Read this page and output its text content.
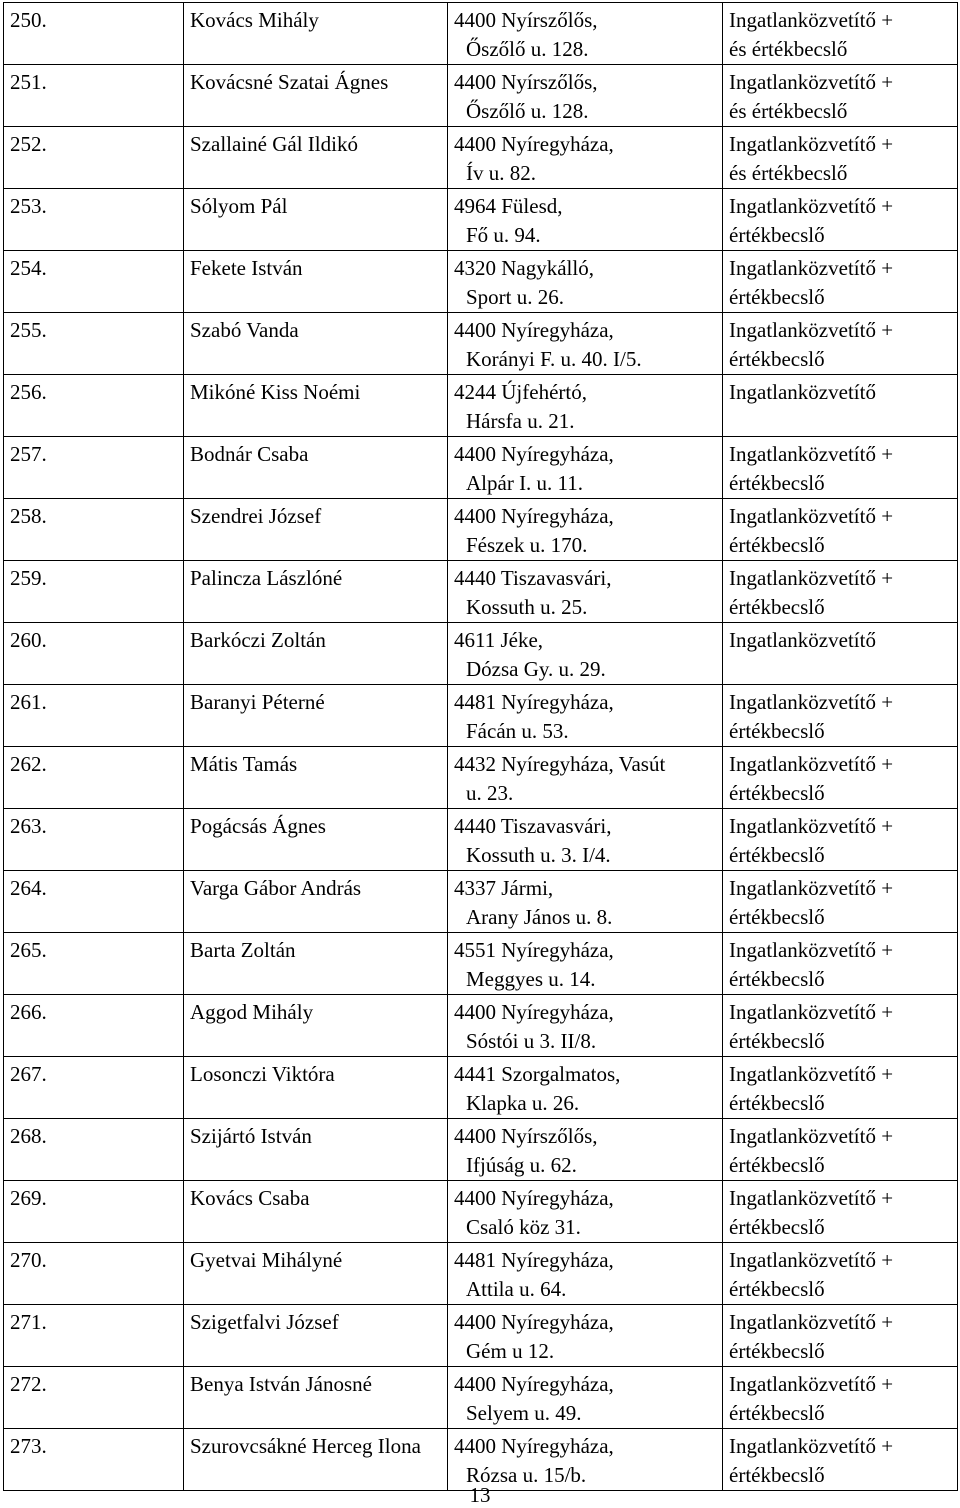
250.	Kovács Mihály	4400 Nyírszőlős,
Őszőlő u. 128.	Ingatlanközvetítő +
és értékbecslő

251.	Kovácsné Szatai Ágnes	4400 Nyírszőlős,
Őszőlő u. 128.	Ingatlanközvetítő +
és értékbecslő

252.	Szallainé Gál Ildikó	4400 Nyíregyháza,
Ív u. 82.	Ingatlanközvetítő +
és értékbecslő

253.	Sólyom Pál	4964 Fülesd,
Fő u. 94.	Ingatlanközvetítő +
értékbecslő

254.	Fekete István	4320 Nagykálló,
Sport u. 26.	Ingatlanközvetítő +
értékbecslő

255.	Szabó Vanda	4400 Nyíregyháza,
Korányi F. u. 40. I/5.	Ingatlanközvetítő +
értékbecslő

256.	Mikóné Kiss Noémi	4244 Újfehértó,
Hársfa u. 21.	Ingatlanközvetítő

257.	Bodnár Csaba	4400 Nyíregyháza,
Alpár I. u. 11.	Ingatlanközvetítő +
értékbecslő

258.	Szendrei József	4400 Nyíregyháza,
Fészek u. 170.	Ingatlanközvetítő +
értékbecslő

259.	Palincza Lászlóné	4440 Tiszavasvári,
Kossuth u. 25.	Ingatlanközvetítő +
értékbecslő

260.	Barkóczi Zoltán	4611 Jéke,
Dózsa Gy. u. 29.	Ingatlanközvetítő

261.	Baranyi Péterné	4481 Nyíregyháza,
Fácán u. 53.	Ingatlanközvetítő +
értékbecslő

262.	Mátis Tamás	4432 Nyíregyháza, Vasút
u. 23.	Ingatlanközvetítő +
értékbecslő

263.	Pogácsás Ágnes	4440 Tiszavasvári,
Kossuth u. 3. I/4.	Ingatlanközvetítő +
értékbecslő

264.	Varga Gábor András	4337 Jármi,
Arany János u. 8.	Ingatlanközvetítő +
értékbecslő

265.	Barta Zoltán	4551 Nyíregyháza,
Meggyes u. 14.	Ingatlanközvetítő +
értékbecslő

266.	Aggod Mihály	4400 Nyíregyháza,
Sóstói u 3. II/8.	Ingatlanközvetítő +
értékbecslő

267.	Losonczi Viktóra	4441 Szorgalmatos,
Klapka u. 26.	Ingatlanközvetítő +
értékbecslő

268.	Szijártó István	4400 Nyírszőlős,
Ifjúság u. 62.	Ingatlanközvetítő +
értékbecslő

269.	Kovács Csaba	4400 Nyíregyháza,
Csaló köz 31.	Ingatlanközvetítő +
értékbecslő

270.	Gyetvai Mihályné	4481 Nyíregyháza,
Attila u. 64.	Ingatlanközvetítő +
értékbecslő

271.	Szigetfalvi József	4400 Nyíregyháza,
Gém u 12.	Ingatlanközvetítő +
értékbecslő

272.	Benya István Jánosné	4400 Nyíregyháza,
Selyem u. 49.	Ingatlanközvetítő +
értékbecslő

273.	Szurovcsákné Herceg Ilona	4400 Nyíregyháza,
Rózsa u. 15/b.	Ingatlanközvetítő +
értékbecslő
13
